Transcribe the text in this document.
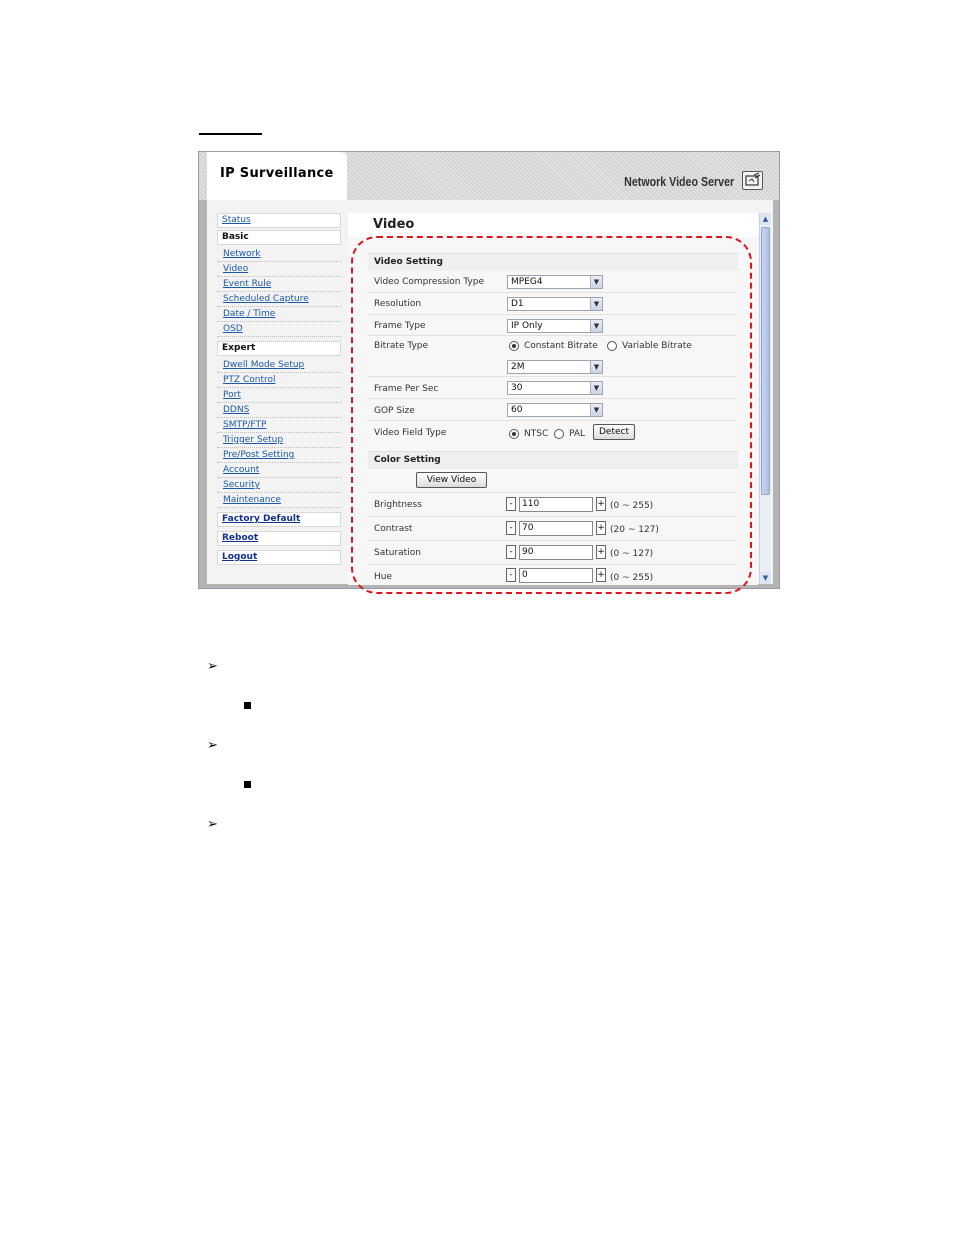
IP Surveillance
Network Video Server
Status
Basic
Network
Video
Event Rule
Scheduled Capture
Date / Time
OSD
Expert
Dwell Mode Setup
PTZ Control
Port
DDNS
SMTP/FTP
Trigger Setup
Pre/Post Setting
Account
Security
Maintenance
Factory Default
Reboot
Logout
Video
Video Setting
Video Compression Type	MPEG4	▼
Resolution	D1	▼
Frame Type	IP Only	▼
Bitrate Type	Constant Bitrate	Variable Bitrate
2M	▼
Frame Per Sec	30	▼
GOP Size	60	▼
Video Field Type	NTSC PAL	Detect
Color Setting
View Video
Brightness	-	110	+ (0 ~ 255)
Contrast	-	70	+ (20 ~ 127)
Saturation	-	90	+ (0 ~ 127)
Hue	-	0	+ (0 ~ 255)
▲
▼
➢
➢
➢
